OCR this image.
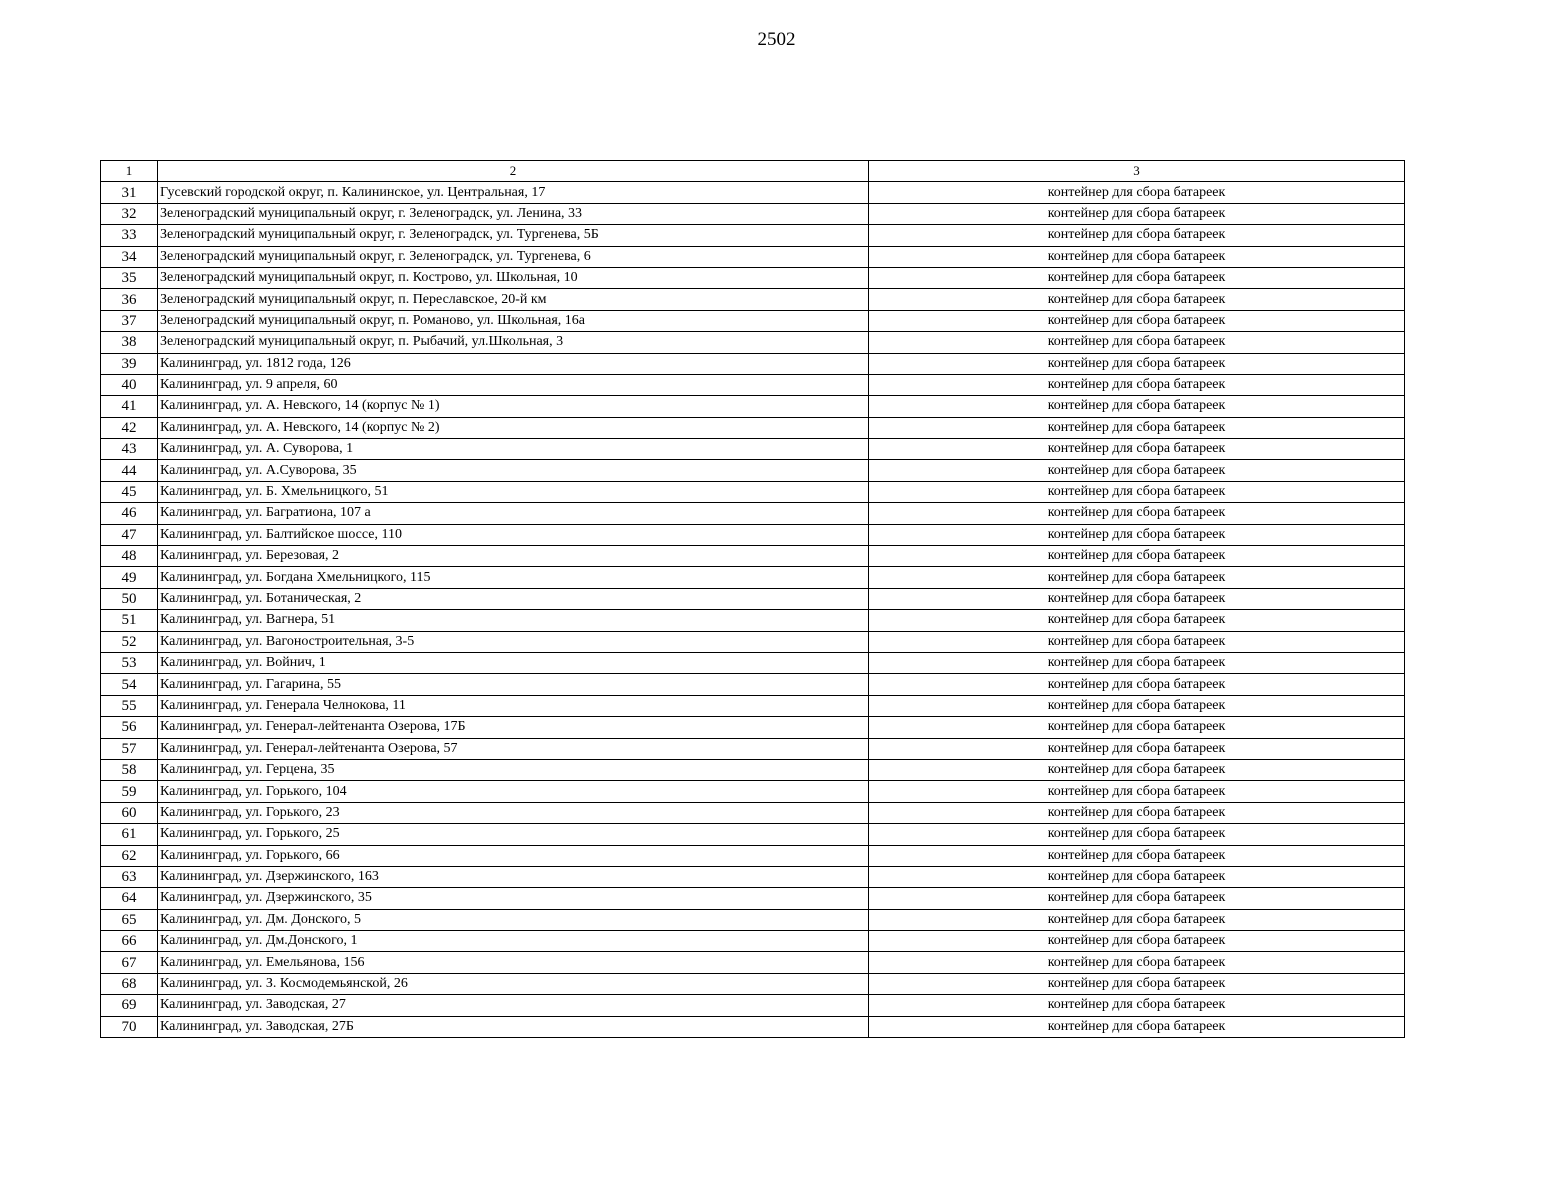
2502
1	2	3
31	Гусевский городской округ, п. Калининское, ул. Центральная, 17	контейнер для сбора батареек
32	Зеленоградский муниципальный округ, г. Зеленоградск, ул. Ленина, 33	контейнер для сбора батареек
33	Зеленоградский муниципальный округ, г. Зеленоградск, ул. Тургенева, 5Б	контейнер для сбора батареек
34	Зеленоградский муниципальный округ, г. Зеленоградск, ул. Тургенева, 6	контейнер для сбора батареек
35	Зеленоградский муниципальный округ, п. Кострово, ул. Школьная, 10	контейнер для сбора батареек
36	Зеленоградский муниципальный округ, п. Переславское, 20-й км	контейнер для сбора батареек
37	Зеленоградский муниципальный округ, п. Романово, ул. Школьная, 16а	контейнер для сбора батареек
38	Зеленоградский муниципальный округ, п. Рыбачий, ул.Школьная, 3	контейнер для сбора батареек
39	Калининград, ул. 1812 года, 126	контейнер для сбора батареек
40	Калининград, ул. 9 апреля, 60	контейнер для сбора батареек
41	Калининград, ул. А. Невского, 14 (корпус № 1)	контейнер для сбора батареек
42	Калининград, ул. А. Невского, 14 (корпус № 2)	контейнер для сбора батареек
43	Калининград, ул. А. Суворова, 1	контейнер для сбора батареек
44	Калининград, ул. А.Суворова, 35	контейнер для сбора батареек
45	Калининград, ул. Б. Хмельницкого, 51	контейнер для сбора батареек
46	Калининград, ул. Багратиона, 107 а	контейнер для сбора батареек
47	Калининград, ул. Балтийское шоссе, 110	контейнер для сбора батареек
48	Калининград, ул. Березовая, 2	контейнер для сбора батареек
49	Калининград, ул. Богдана Хмельницкого, 115	контейнер для сбора батареек
50	Калининград, ул. Ботаническая, 2	контейнер для сбора батареек
51	Калининград, ул. Вагнера, 51	контейнер для сбора батареек
52	Калининград, ул. Вагоностроительная, 3-5	контейнер для сбора батареек
53	Калининград, ул. Войнич, 1	контейнер для сбора батареек
54	Калининград, ул. Гагарина, 55	контейнер для сбора батареек
55	Калининград, ул. Генерала Челнокова, 11	контейнер для сбора батареек
56	Калининград, ул. Генерал-лейтенанта Озерова, 17Б	контейнер для сбора батареек
57	Калининград, ул. Генерал-лейтенанта Озерова, 57	контейнер для сбора батареек
58	Калининград, ул. Герцена, 35	контейнер для сбора батареек
59	Калининград, ул. Горького, 104	контейнер для сбора батареек
60	Калининград, ул. Горького, 23	контейнер для сбора батареек
61	Калининград, ул. Горького, 25	контейнер для сбора батареек
62	Калининград, ул. Горького, 66	контейнер для сбора батареек
63	Калининград, ул. Дзержинского, 163	контейнер для сбора батареек
64	Калининград, ул. Дзержинского, 35	контейнер для сбора батареек
65	Калининград, ул. Дм. Донского, 5	контейнер для сбора батареек
66	Калининград, ул. Дм.Донского, 1	контейнер для сбора батареек
67	Калининград, ул. Емельянова, 156	контейнер для сбора батареек
68	Калининград, ул. З. Космодемьянской, 26	контейнер для сбора батареек
69	Калининград, ул. Заводская, 27	контейнер для сбора батареек
70	Калининград, ул. Заводская, 27Б	контейнер для сбора батареек
